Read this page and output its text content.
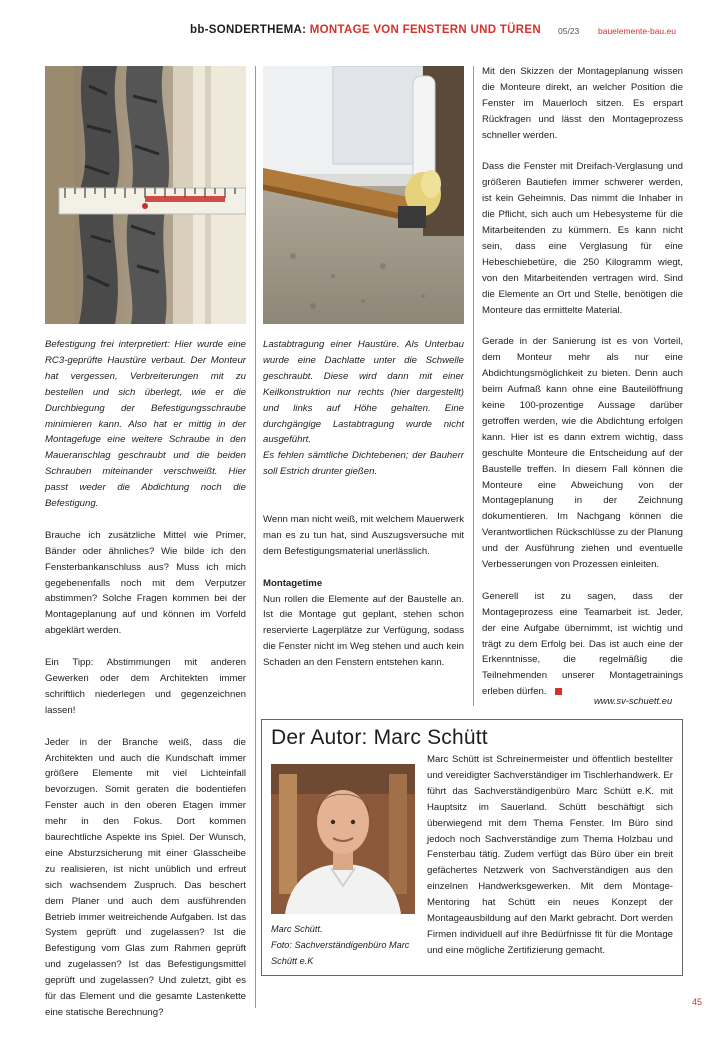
bb-SONDERTHEMA: MONTAGE VON FENSTERN UND TÜREN 05/23 bauelemente-bau.eu

Befestigung frei interpretiert: Hier wurde eine RC3-geprüfte Haustüre verbaut. Der Monteur hat vergessen, Verbreiterungen mit zu bestellen und sich überlegt, wie er die Durchbiegung der Befestigungsschraube minimieren kann. Also hat er mittig in der Montagefuge eine weitere Schraube in den Maueranschlag geschraubt und die beiden Schrauben miteinander verschweißt. Hier passt weder die Abdichtung noch die Befestigung.

Brauche ich zusätzliche Mittel wie Primer, Bänder oder ähnliches? Wie bilde ich den Fensterbankanschluss aus? Muss ich mich gegebenenfalls noch mit dem Verputzer abstimmen? Solche Fragen kommen bei der Montageplanung auf und können im Vorfeld abgeklärt werden.

Ein Tipp: Abstimmungen mit anderen Gewerken oder dem Architekten immer schriftlich niederlegen und gegenzeichnen lassen!

Jeder in der Branche weiß, dass die Architekten und auch die Kundschaft immer größere Elemente mit viel Lichteinfall bevorzugen. Somit geraten die bodentiefen Fenster auch in den oberen Etagen immer mehr in den Fokus. Dort kommen baurechtliche Aspekte ins Spiel. Der Wunsch, eine Absturzsicherung mit einer Glasscheibe zu realisieren, ist nicht unüblich und erfreut sich wachsendem Zuspruch. Das beschert dem Planer und auch dem ausführenden Betrieb immer weitreichende Aufgaben. Ist das System geprüft und zugelassen? Ist die Befestigung vom Glas zum Rahmen geprüft und zugelassen? Ist das Befestigungsmittel geprüft und zugelassen? Und zuletzt, gibt es für das Element und die gesamte Lastenkette eine statische Berechnung?

Lastabtragung einer Haustüre. Als Unterbau wurde eine Dachlatte unter die Schwelle geschraubt. Diese wird dann mit einer Keilkonstruktion nur rechts (hier dargestellt) und links auf Höhe gehalten. Eine durchgängige Lastabtragung wurde nicht ausgeführt.
Es fehlen sämtliche Dichtebenen; der Bauherr soll Estrich drunter gießen.

Wenn man nicht weiß, mit welchem Mauerwerk man es zu tun hat, sind Auszugsversuche mit dem Befestigungsmaterial unerlässlich.

Montagetime

Nun rollen die Elemente auf der Baustelle an. Ist die Montage gut geplant, stehen schon reservierte Lagerplätze zur Verfügung, sodass die Fenster nicht im Weg stehen und auch kein Schaden an den Fenstern entstehen kann.

Mit den Skizzen der Montageplanung wissen die Monteure direkt, an welcher Position die Fenster im Mauerloch sitzen. Es erspart Rückfragen und lässt den Montageprozess schneller werden.

Dass die Fenster mit Dreifach-Verglasung und größeren Bautiefen immer schwerer werden, ist kein Geheimnis. Das nimmt die Inhaber in die Pflicht, sich auch um Hebesysteme für die Mitarbeitenden zu kümmern. Es kann nicht sein, dass eine Verglasung für eine Hebeschiebetüre, die 250 Kilogramm wiegt, von den Mitarbeitenden vertragen wird. Sind die Elemente an Ort und Stelle, benötigen die Monteure das ermittelte Material.

Gerade in der Sanierung ist es von Vorteil, dem Monteur mehr als nur eine Abdichtungsmöglichkeit zu bieten. Denn auch beim Aufmaß kann ohne eine Bauteilöffnung keine 100-prozentige Aussage darüber getroffen werden, wie die Abdichtung erfolgen kann. Hier ist es dann extrem wichtig, dass geschulte Monteure die Entscheidung auf der Baustelle treffen. In diesem Fall können die Monteure eine Abweichung von der Montageplanung in der Zeichnung dokumentieren. Im Nachgang können die Verantwortlichen Rückschlüsse zu der Planung und der Ausführung ziehen und eventuelle Verbesserungen von Prozessen einleiten.

Generell ist zu sagen, dass der Montageprozess eine Teamarbeit ist. Jeder, der eine Aufgabe übernimmt, ist wichtig und trägt zu dem Erfolg bei. Das ist auch eine der Erkenntnisse, die regelmäßig die Teilnehmenden unserer Montagetrainings erleben dürfen.

www.sv-schuett.eu
Der Autor: Marc Schütt
Marc Schütt.
Foto: Sachverständigenbüro Marc Schütt e.K
Marc Schütt ist Schreinermeister und öffentlich bestellter und vereidigter Sachverständiger im Tischlerhandwerk. Er führt das Sachverständigenbüro Marc Schütt e.K. mit Hauptsitz im Sauerland. Schütt beschäftigt sich überwiegend mit dem Thema Fenster. Im Büro sind jedoch noch Sachverständige zum Thema Holzbau und Fensterbau tätig. Zudem verfügt das Büro über ein breit gefächertes Netzwerk von Sachverständigen aus den einzelnen Handwerksgewerken. Mit dem Montage-Mentoring hat Schütt ein neues Konzept der Montageausbildung auf den Markt gebracht. Dort werden Firmen individuell auf ihre Bedürfnisse fit für die Montage und eine mögliche Zertifizierung gemacht.
45
